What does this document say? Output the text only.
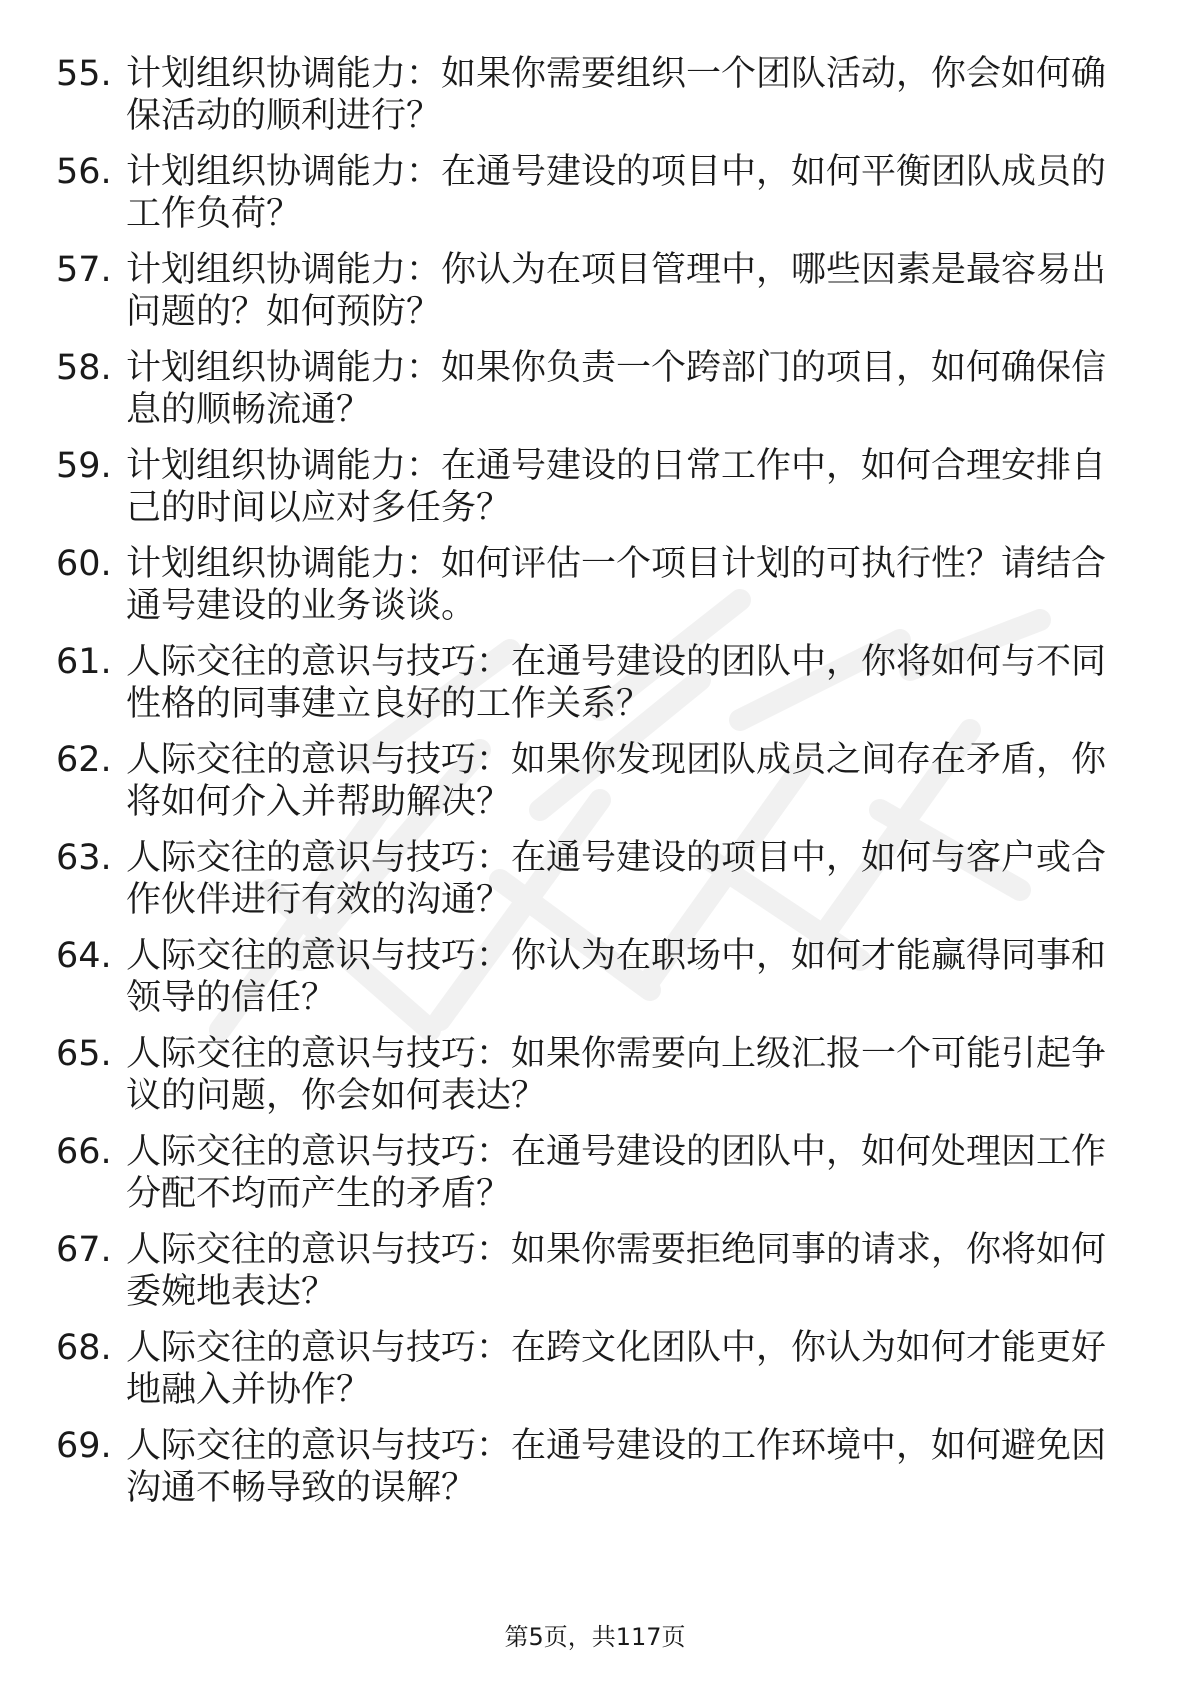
55. 计划组织协调能力：如果你需要组织一个团队活动，你会如何确保活动的顺利进行？
56. 计划组织协调能力：在通号建设的项目中，如何平衡团队成员的工作负荷？
57. 计划组织协调能力：你认为在项目管理中，哪些因素是最容易出问题的？如何预防？
58. 计划组织协调能力：如果你负责一个跨部门的项目，如何确保信息的顺畅流通？
59. 计划组织协调能力：在通号建设的日常工作中，如何合理安排自己的时间以应对多任务？
60. 计划组织协调能力：如何评估一个项目计划的可执行性？请结合通号建设的业务谈谈。
61. 人际交往的意识与技巧：在通号建设的团队中，你将如何与不同性格的同事建立良好的工作关系？
62. 人际交往的意识与技巧：如果你发现团队成员之间存在矛盾，你将如何介入并帮助解决？
63. 人际交往的意识与技巧：在通号建设的项目中，如何与客户或合作伙伴进行有效的沟通？
64. 人际交往的意识与技巧：你认为在职场中，如何才能赢得同事和领导的信任？
65. 人际交往的意识与技巧：如果你需要向上级汇报一个可能引起争议的问题，你会如何表达？
66. 人际交往的意识与技巧：在通号建设的团队中，如何处理因工作分配不均而产生的矛盾？
67. 人际交往的意识与技巧：如果你需要拒绝同事的请求，你将如何委婉地表达？
68. 人际交往的意识与技巧：在跨文化团队中，你认为如何才能更好地融入并协作？
69. 人际交往的意识与技巧：在通号建设的工作环境中，如何避免因沟通不畅导致的误解？
第5页，共117页
